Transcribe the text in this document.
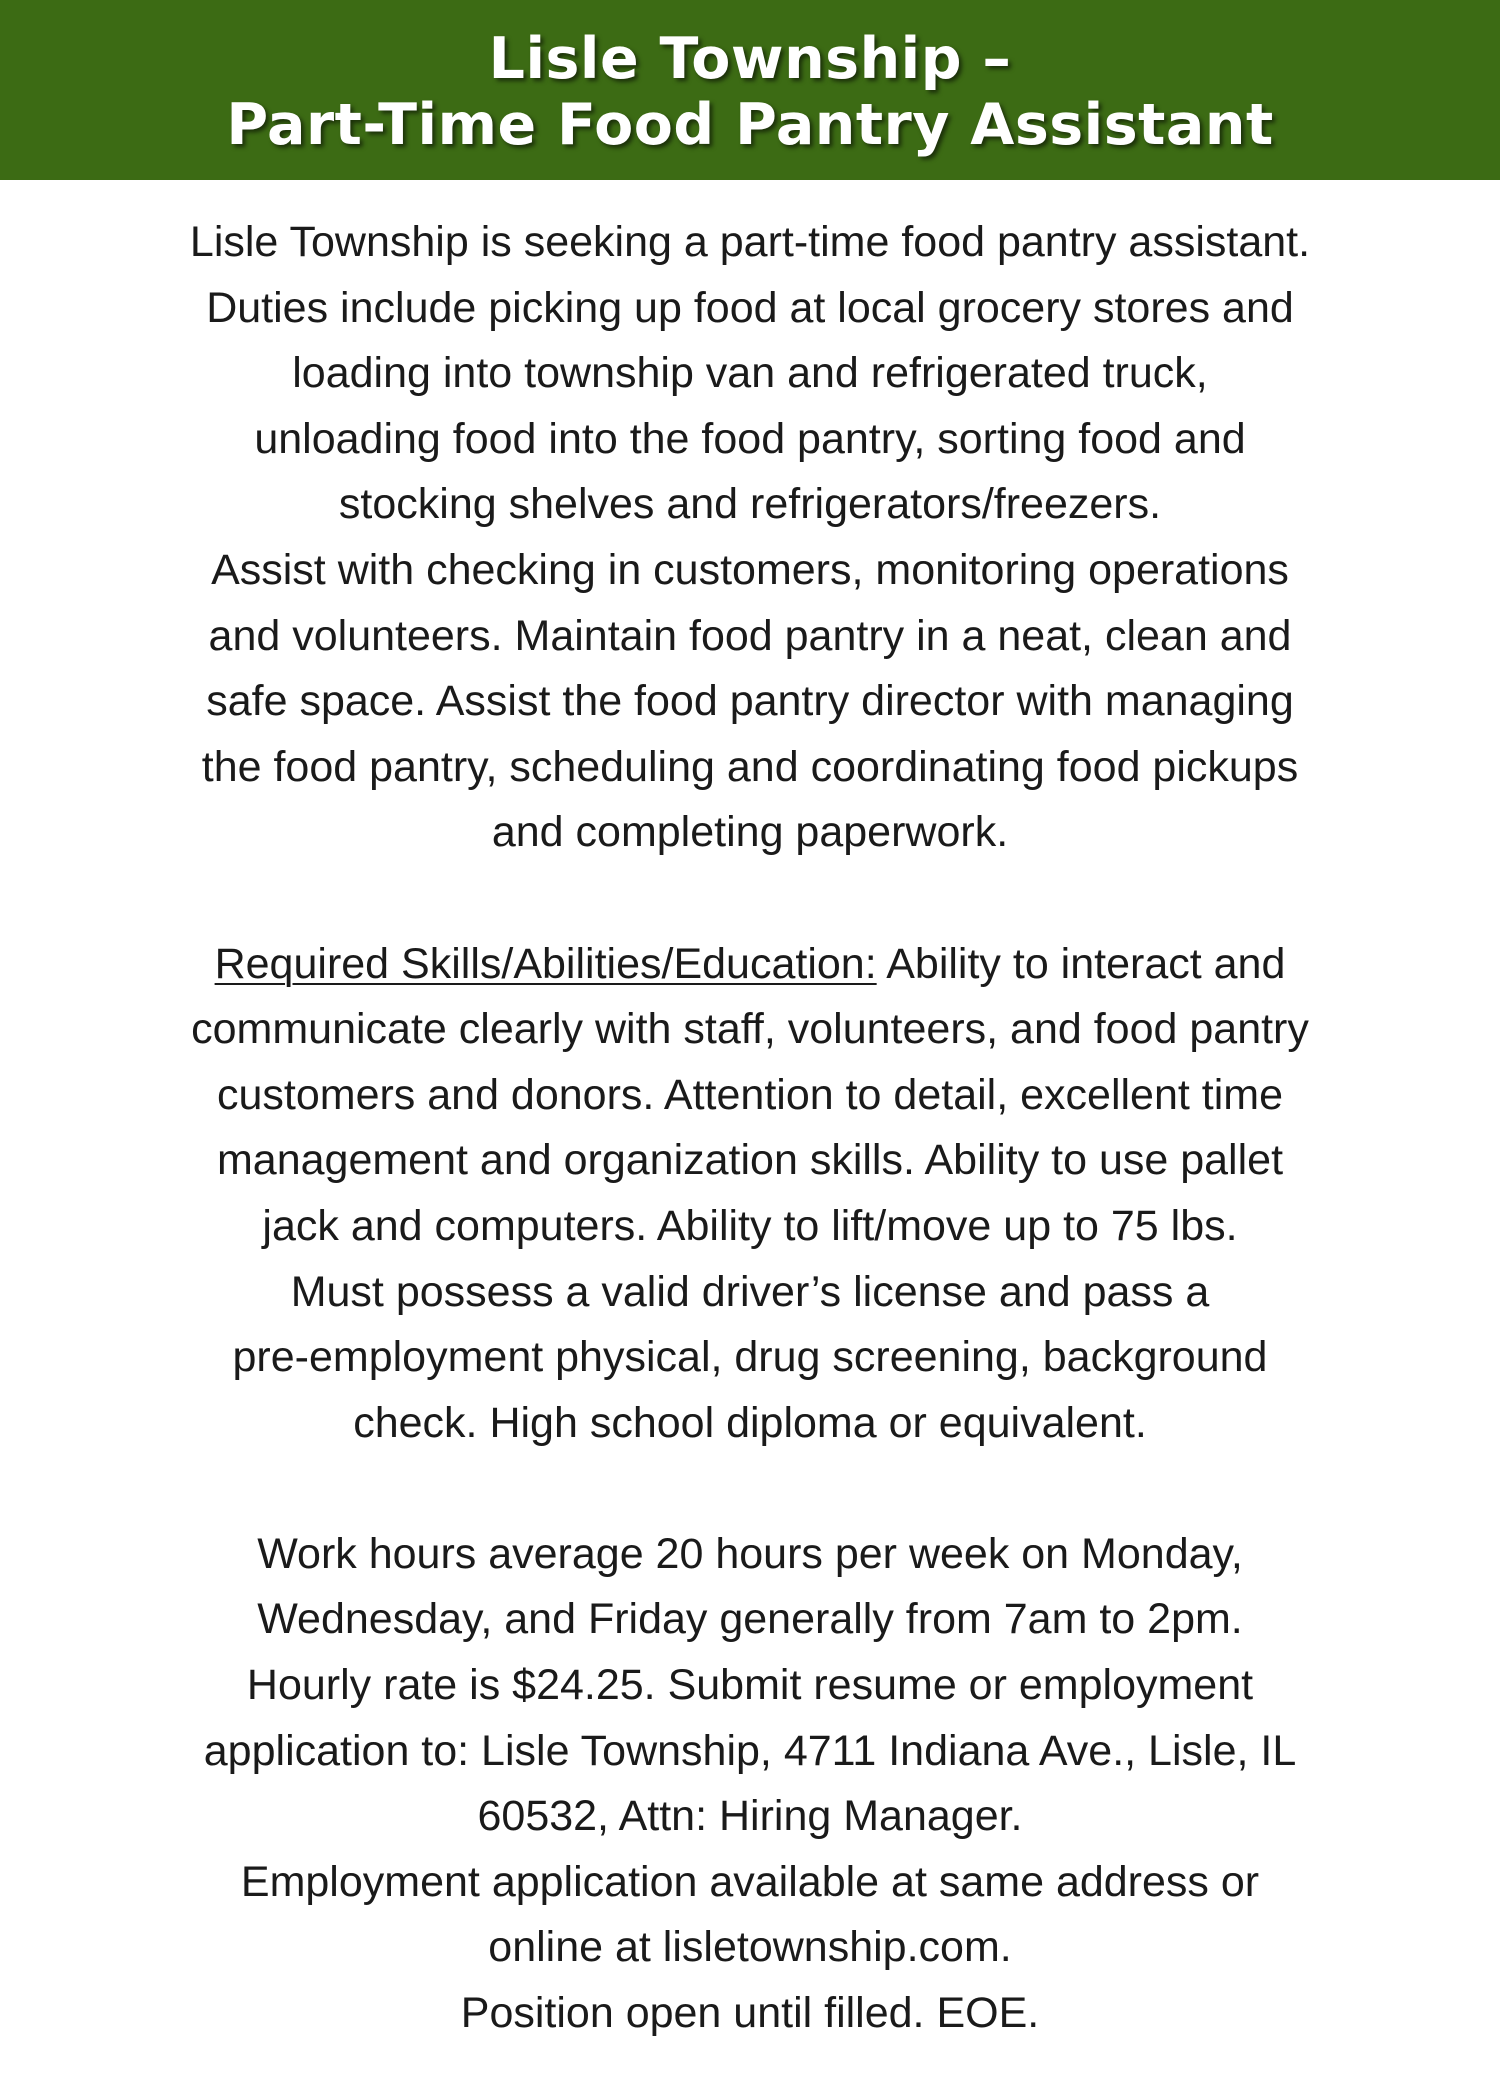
Lisle Township –
Part-Time Food Pantry Assistant
Lisle Township is seeking a part-time food pantry assistant.
Duties include picking up food at local grocery stores and
loading into township van and refrigerated truck,
unloading food into the food pantry, sorting food and
stocking shelves and refrigerators/freezers.
Assist with checking in customers, monitoring operations
and volunteers. Maintain food pantry in a neat, clean and
safe space. Assist the food pantry director with managing
the food pantry, scheduling and coordinating food pickups
and completing paperwork.
Required Skills/Abilities/Education: Ability to interact and
communicate clearly with staff, volunteers, and food pantry
customers and donors. Attention to detail, excellent time
management and organization skills. Ability to use pallet
jack and computers. Ability to lift/move up to 75 lbs.
Must possess a valid driver’s license and pass a
pre-employment physical, drug screening, background
check. High school diploma or equivalent.
Work hours average 20 hours per week on Monday,
Wednesday, and Friday generally from 7am to 2pm.
Hourly rate is $24.25. Submit resume or employment
application to: Lisle Township, 4711 Indiana Ave., Lisle, IL
60532, Attn: Hiring Manager.
Employment application available at same address or
online at lisletownship.com.
Position open until filled. EOE.
